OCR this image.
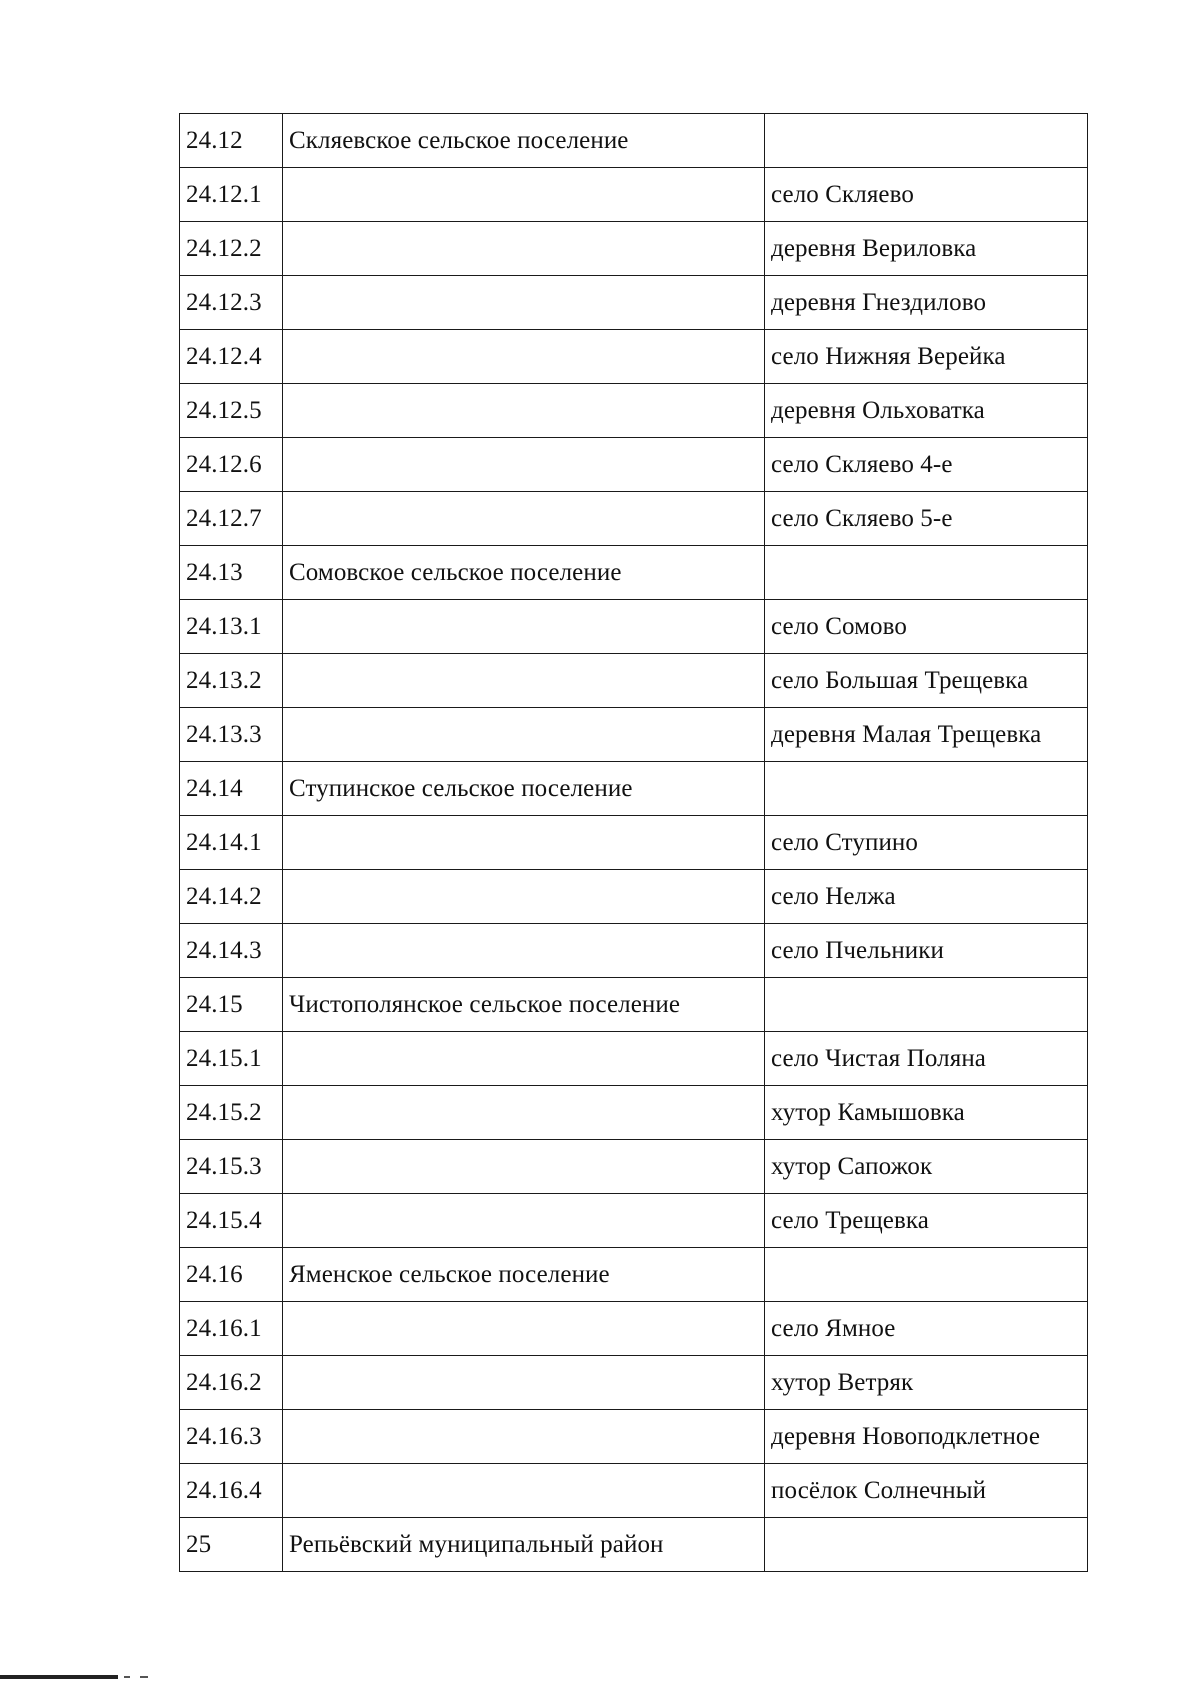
24.12	Скляевское сельское поселение	
24.12.1		село Скляево
24.12.2		деревня Вериловка
24.12.3		деревня Гнездилово
24.12.4		село Нижняя Верейка
24.12.5		деревня Ольховатка
24.12.6		село Скляево 4-е
24.12.7		село Скляево 5-е
24.13	Сомовское сельское поселение	
24.13.1		село Сомово
24.13.2		село Большая Трещевка
24.13.3		деревня Малая Трещевка
24.14	Ступинское сельское поселение	
24.14.1		село Ступино
24.14.2		село Нелжа
24.14.3		село Пчельники
24.15	Чистополянское сельское поселение	
24.15.1		село Чистая Поляна
24.15.2		хутор Камышовка
24.15.3		хутор Сапожок
24.15.4		село Трещевка
24.16	Яменское сельское поселение	
24.16.1		село Ямное
24.16.2		хутор Ветряк
24.16.3		деревня Новоподклетное
24.16.4		посёлок Солнечный
25	Репьёвский муниципальный район	
